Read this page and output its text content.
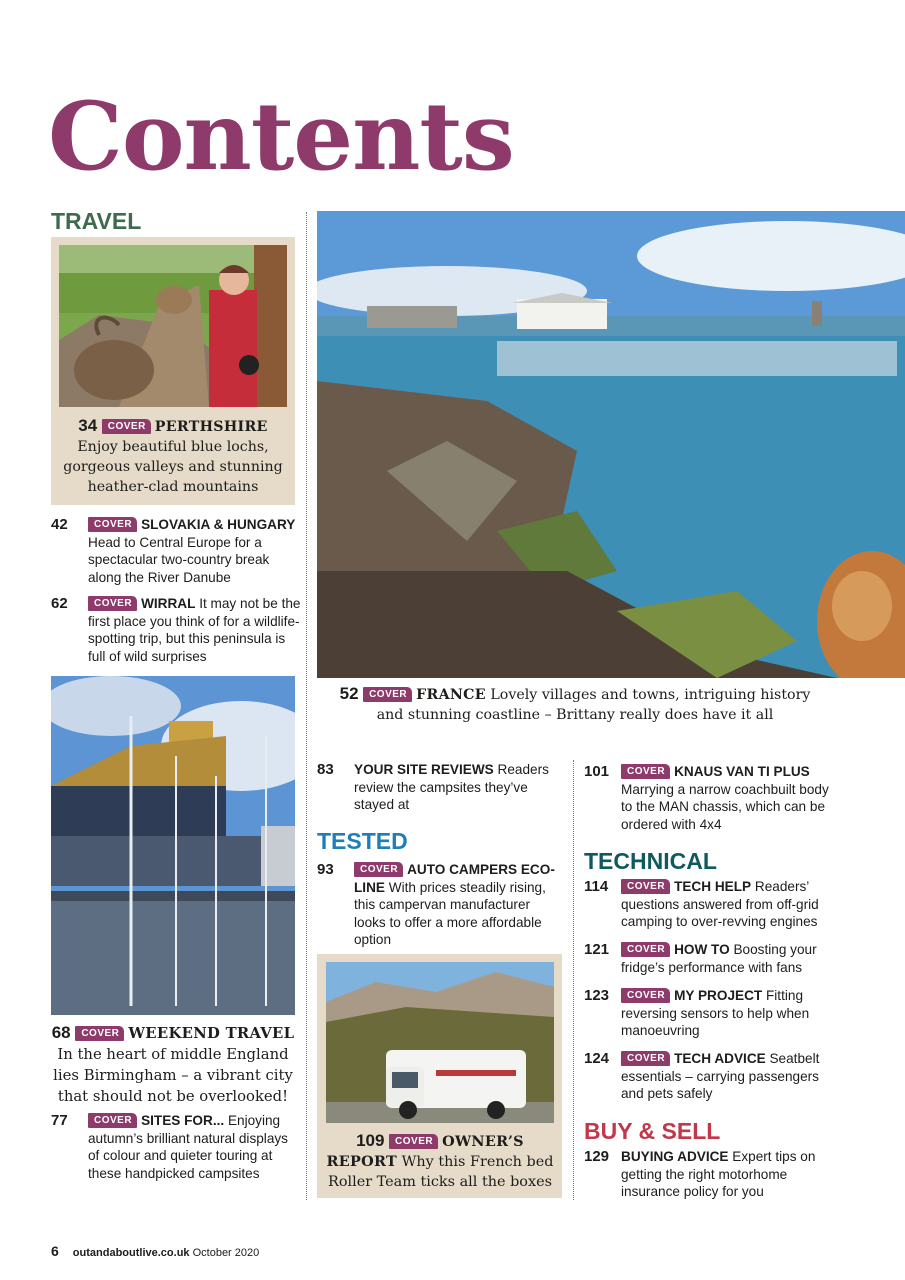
Contents
TRAVEL
34 COVER PERTHSHIRE Enjoy beautiful blue lochs, gorgeous valleys and stunning heather-clad mountains
42	COVER SLOVAKIA & HUNGARY Head to Central Europe for a spectacular two-country break along the River Danube
62	COVER WIRRAL It may not be the first place you think of for a wildlife-spotting trip, but this peninsula is full of wild surprises
68 COVER WEEKEND TRAVEL In the heart of middle England lies Birmingham – a vibrant city that should not be overlooked!
77	COVER SITES FOR... Enjoying autumn’s brilliant natural displays of colour and quieter touring at these handpicked campsites
52 COVER FRANCE Lovely villages and towns, intriguing history and stunning coastline – Brittany really does have it all
83 YOUR SITE REVIEWS Readers review the campsites they’ve stayed at
TESTED
93	COVER AUTO CAMPERS ECO-LINE With prices steadily rising, this campervan manufacturer looks to offer a more affordable option
109 COVER OWNER’S REPORT Why this French bed Roller Team ticks all the boxes
101	COVER KNAUS VAN TI PLUS Marrying a narrow coachbuilt body to the MAN chassis, which can be ordered with 4x4
TECHNICAL
114	COVER TECH HELP Readers’ questions answered from off-grid camping to over-revving engines
121	COVER HOW TO Boosting your fridge’s performance with fans
123	COVER MY PROJECT Fitting reversing sensors to help when manoeuvring
124	COVER TECH ADVICE Seatbelt essentials – carrying passengers and pets safely
BUY & SELL
129 BUYING ADVICE Expert tips on getting the right motorhome insurance policy for you
6 outandaboutlive.co.uk October 2020
